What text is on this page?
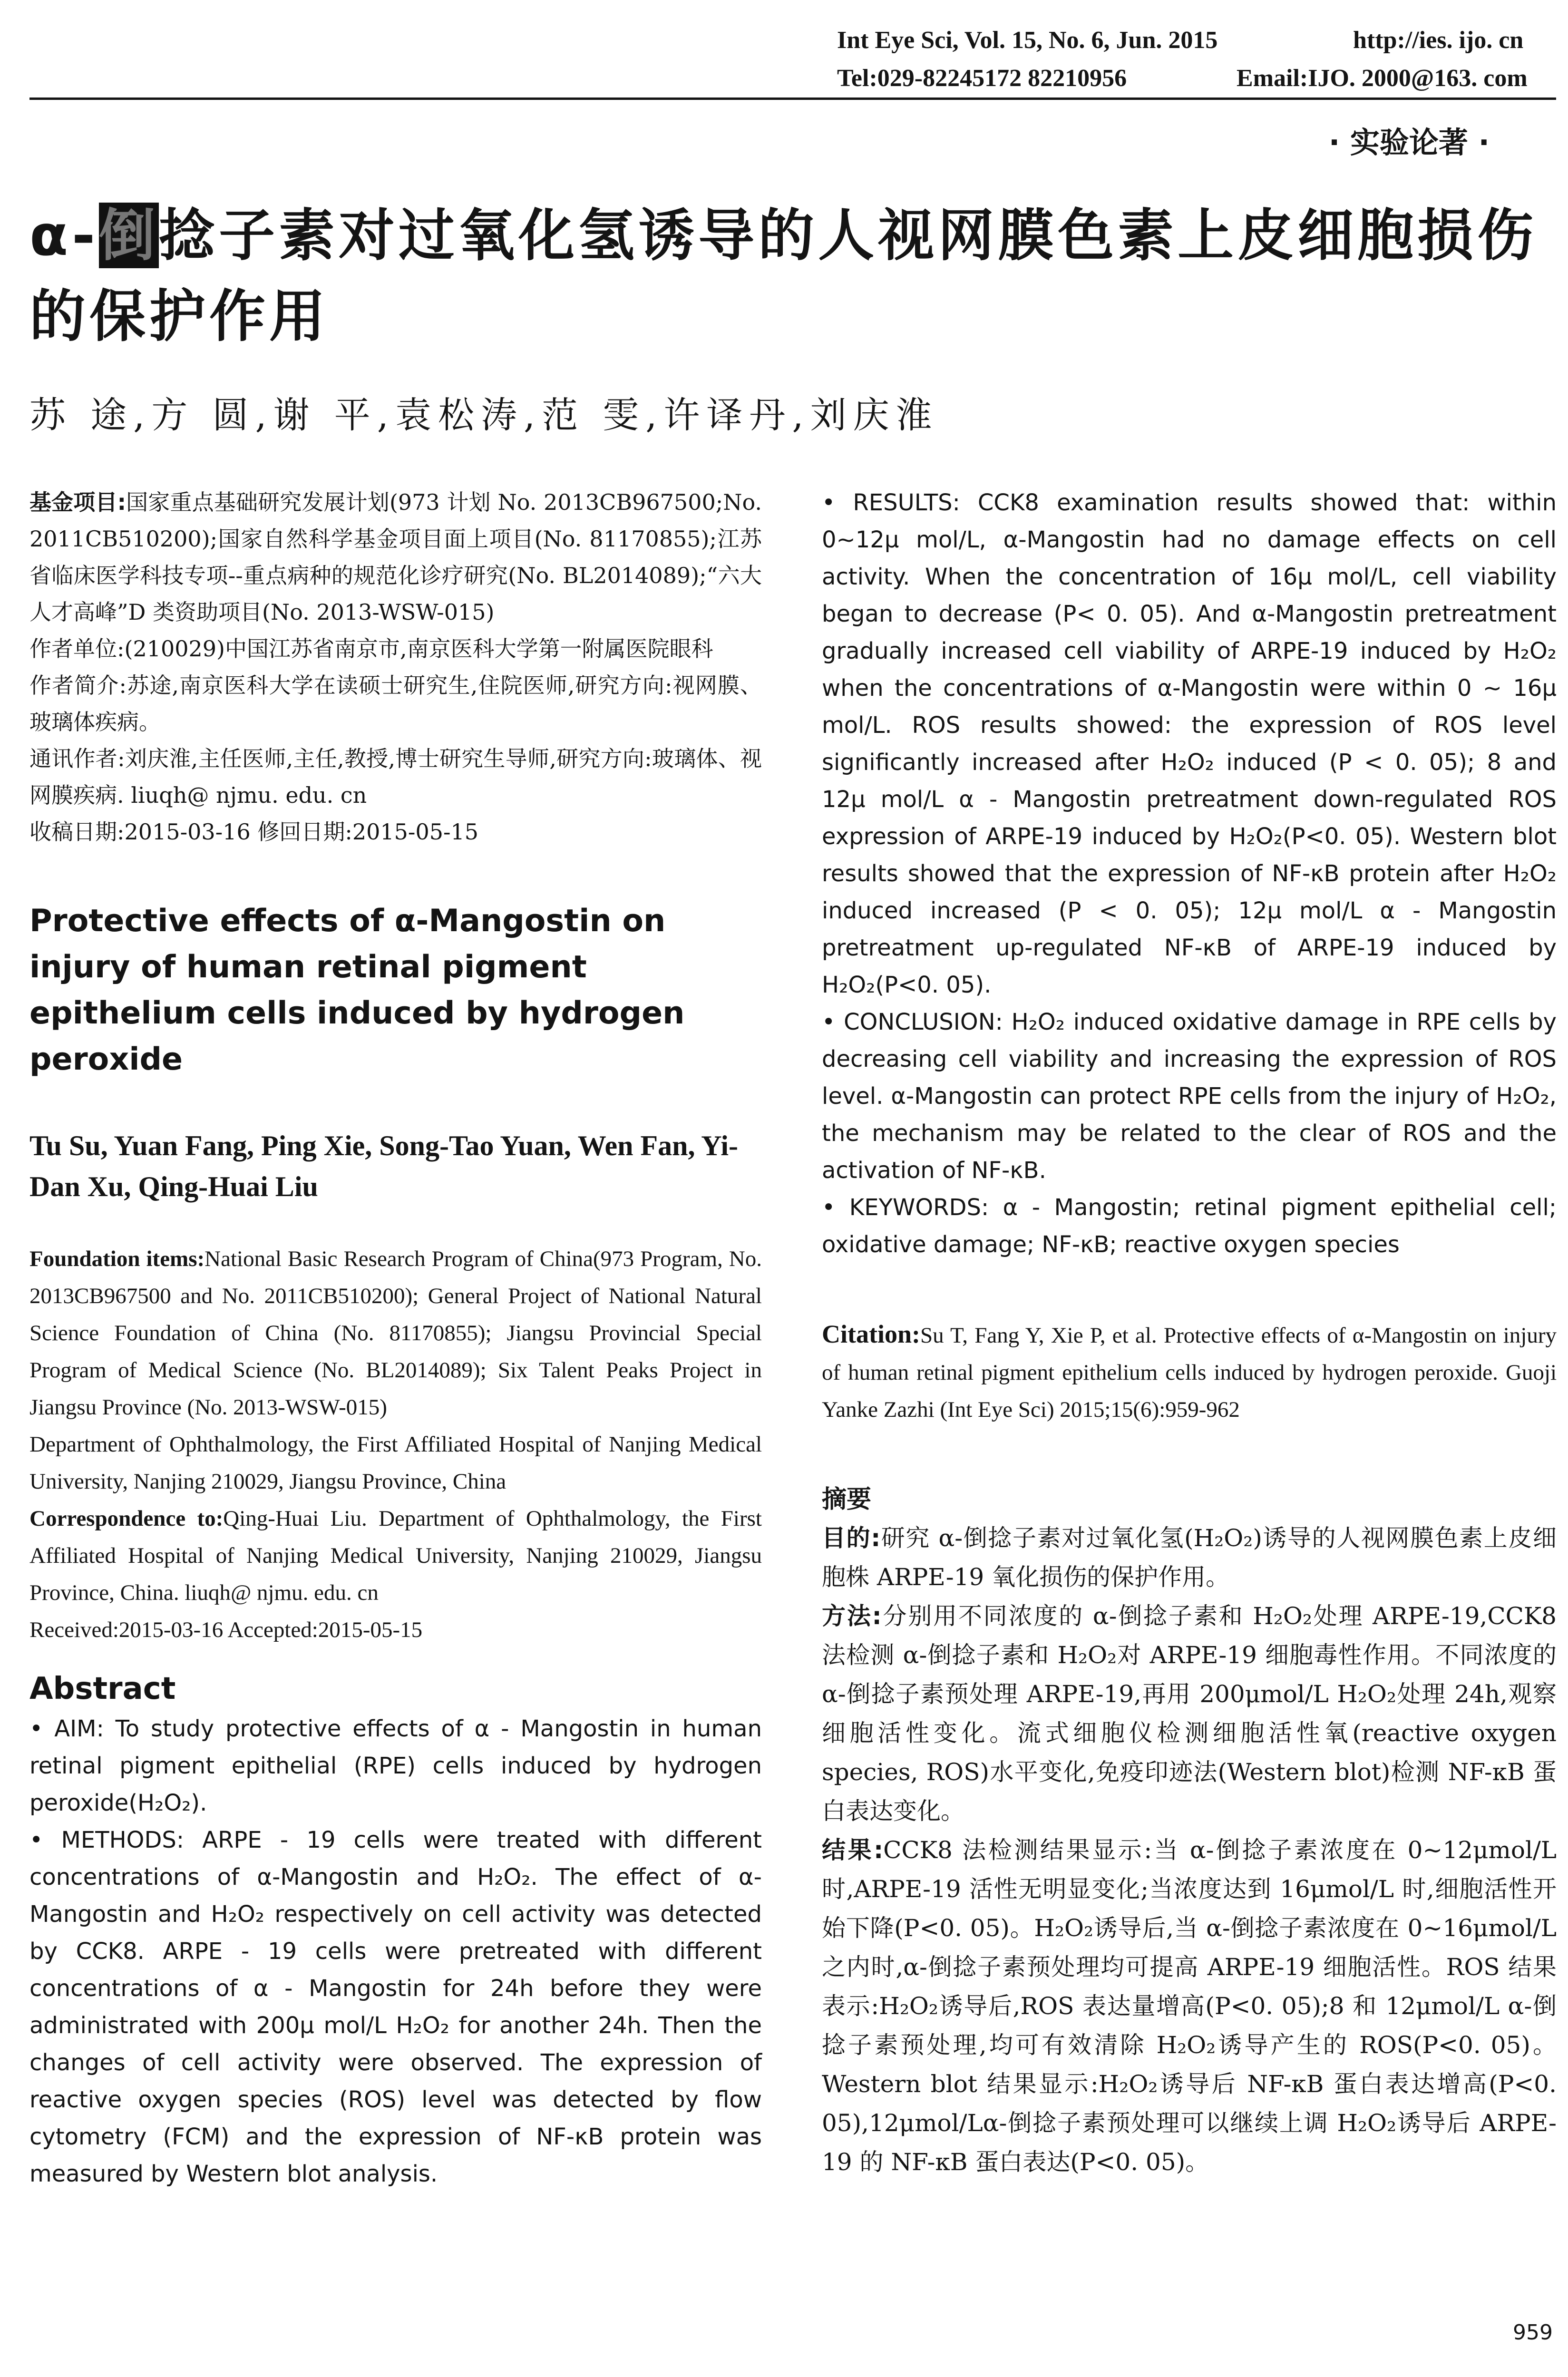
Int Eye Sci, Vol. 15, No. 6, Jun. 2015	http://ies. ijo. cn
Tel:029-82245172 82210956	Email:IJO. 2000@163. com
· 实验论著 ·
α-倒捻子素对过氧化氢诱导的人视网膜色素上皮细胞损伤的保护作用
苏 途,方 圆,谢 平,袁松涛,范 雯,许译丹,刘庆淮

基金项目:国家重点基础研究发展计划(973 计划 No. 2013CB967500;No. 2011CB510200);国家自然科学基金项目面上项目(No. 81170855);江苏省临床医学科技专项--重点病种的规范化诊疗研究(No. BL2014089);“六大人才高峰”D 类资助项目(No. 2013-WSW-015)

作者单位:(210029)中国江苏省南京市,南京医科大学第一附属医院眼科

作者简介:苏途,南京医科大学在读硕士研究生,住院医师,研究方向:视网膜、玻璃体疾病。

通讯作者:刘庆淮,主任医师,主任,教授,博士研究生导师,研究方向:玻璃体、视网膜疾病. liuqh@ njmu. edu. cn

收稿日期:2015-03-16 修回日期:2015-05-15

Protective effects of α-Mangostin on injury of human retinal pigment epithelium cells induced by hydrogen peroxide
Tu Su, Yuan Fang, Ping Xie, Song-Tao Yuan, Wen Fan, Yi-Dan Xu, Qing-Huai Liu

Foundation items:National Basic Research Program of China(973 Program, No. 2013CB967500 and No. 2011CB510200); General Project of National Natural Science Foundation of China (No. 81170855); Jiangsu Provincial Special Program of Medical Science (No. BL2014089); Six Talent Peaks Project in Jiangsu Province (No. 2013-WSW-015)

Department of Ophthalmology, the First Affiliated Hospital of Nanjing Medical University, Nanjing 210029, Jiangsu Province, China

Correspondence to:Qing-Huai Liu. Department of Ophthalmology, the First Affiliated Hospital of Nanjing Medical University, Nanjing 210029, Jiangsu Province, China. liuqh@ njmu. edu. cn

Received:2015-03-16 Accepted:2015-05-15

Abstract

• AIM: To study protective effects of α - Mangostin in human retinal pigment epithelial (RPE) cells induced by hydrogen peroxide(H₂O₂).

• METHODS: ARPE - 19 cells were treated with different concentrations of α-Mangostin and H₂O₂. The effect of α-Mangostin and H₂O₂ respectively on cell activity was detected by CCK8. ARPE - 19 cells were pretreated with different concentrations of α - Mangostin for 24h before they were administrated with 200μ mol/L H₂O₂ for another 24h. Then the changes of cell activity were observed. The expression of reactive oxygen species (ROS) level was detected by flow cytometry (FCM) and the expression of NF-κB protein was measured by Western blot analysis.

• RESULTS: CCK8 examination results showed that: within 0~12μ mol/L, α-Mangostin had no damage effects on cell activity. When the concentration of 16μ mol/L, cell viability began to decrease (P< 0. 05). And α-Mangostin pretreatment gradually increased cell viability of ARPE-19 induced by H₂O₂ when the concentrations of α-Mangostin were within 0 ~ 16μ mol/L. ROS results showed: the expression of ROS level significantly increased after H₂O₂ induced (P < 0. 05); 8 and 12μ mol/L α - Mangostin pretreatment down-regulated ROS expression of ARPE-19 induced by H₂O₂(P<0. 05). Western blot results showed that the expression of NF-κB protein after H₂O₂ induced increased (P < 0. 05); 12μ mol/L α - Mangostin pretreatment up-regulated NF-κB of ARPE-19 induced by H₂O₂(P<0. 05).

• CONCLUSION: H₂O₂ induced oxidative damage in RPE cells by decreasing cell viability and increasing the expression of ROS level. α-Mangostin can protect RPE cells from the injury of H₂O₂, the mechanism may be related to the clear of ROS and the activation of NF-κB.

• KEYWORDS: α - Mangostin; retinal pigment epithelial cell; oxidative damage; NF-κB; reactive oxygen species

Citation:Su T, Fang Y, Xie P, et al. Protective effects of α-Mangostin on injury of human retinal pigment epithelium cells induced by hydrogen peroxide. Guoji Yanke Zazhi (Int Eye Sci) 2015;15(6):959-962
摘要

目的:研究 α-倒捻子素对过氧化氢(H₂O₂)诱导的人视网膜色素上皮细胞株 ARPE-19 氧化损伤的保护作用。

方法:分别用不同浓度的 α-倒捻子素和 H₂O₂处理 ARPE-19,CCK8 法检测 α-倒捻子素和 H₂O₂对 ARPE-19 细胞毒性作用。不同浓度的 α-倒捻子素预处理 ARPE-19,再用 200μmol/L H₂O₂处理 24h,观察细胞活性变化。流式细胞仪检测细胞活性氧(reactive oxygen species, ROS)水平变化,免疫印迹法(Western blot)检测 NF-κB 蛋白表达变化。

结果:CCK8 法检测结果显示:当 α-倒捻子素浓度在 0~12μmol/L 时,ARPE-19 活性无明显变化;当浓度达到 16μmol/L 时,细胞活性开始下降(P<0. 05)。H₂O₂诱导后,当 α-倒捻子素浓度在 0~16μmol/L 之内时,α-倒捻子素预处理均可提高 ARPE-19 细胞活性。ROS 结果表示:H₂O₂诱导后,ROS 表达量增高(P<0. 05);8 和 12μmol/L α-倒捻子素预处理,均可有效清除 H₂O₂诱导产生的 ROS(P<0. 05)。Western blot 结果显示:H₂O₂诱导后 NF-κB 蛋白表达增高(P<0. 05),12μmol/Lα-倒捻子素预处理可以继续上调 H₂O₂诱导后 ARPE-19 的 NF-κB 蛋白表达(P<0. 05)。

959
